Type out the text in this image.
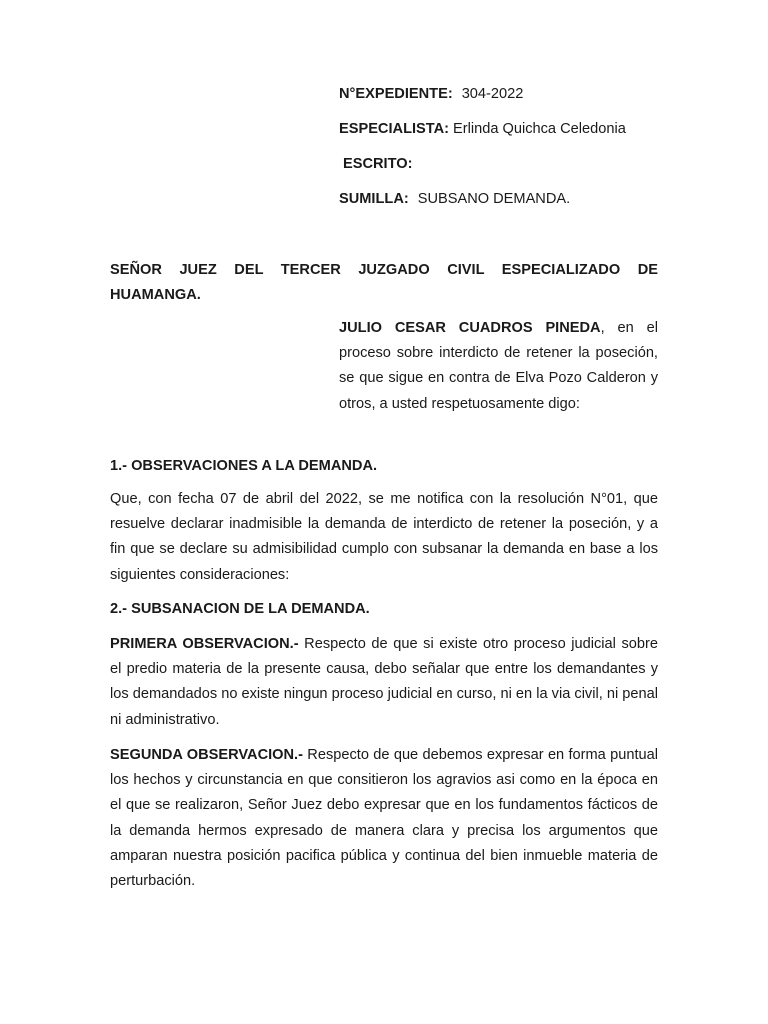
N°EXPEDIENTE: 304-2022
ESPECIALISTA: Erlinda Quichca Celedonia
ESCRITO:
SUMILLA: SUBSANO DEMANDA.
SEÑOR JUEZ DEL TERCER JUZGADO CIVIL ESPECIALIZADO DE
HUAMANGA.
JULIO CESAR CUADROS PINEDA, en el proceso sobre interdicto de retener la poseción, se que sigue en contra de Elva Pozo Calderon y otros, a usted respetuosamente digo:
1.- OBSERVACIONES A LA DEMANDA.
Que, con fecha 07 de abril del 2022, se me notifica con la resolución N°01, que resuelve declarar inadmisible la demanda de interdicto de retener la poseción, y a fin que se declare su admisibilidad cumplo con subsanar la demanda en base a los siguientes consideraciones:
2.- SUBSANACION DE LA DEMANDA.
PRIMERA OBSERVACION.- Respecto de que si existe otro proceso judicial sobre el predio materia de la presente causa, debo señalar que entre los demandantes y los demandados no existe ningun proceso judicial en curso, ni en la via civil, ni penal ni administrativo.
SEGUNDA OBSERVACION.- Respecto de que debemos expresar en forma puntual los hechos y circunstancia en que consitieron los agravios asi como en la época en el que se realizaron, Señor Juez debo expresar que en los fundamentos fácticos de la demanda hermos expresado de manera clara y precisa los argumentos que amparan nuestra posición pacifica pública y continua del bien inmueble materia de perturbación.
